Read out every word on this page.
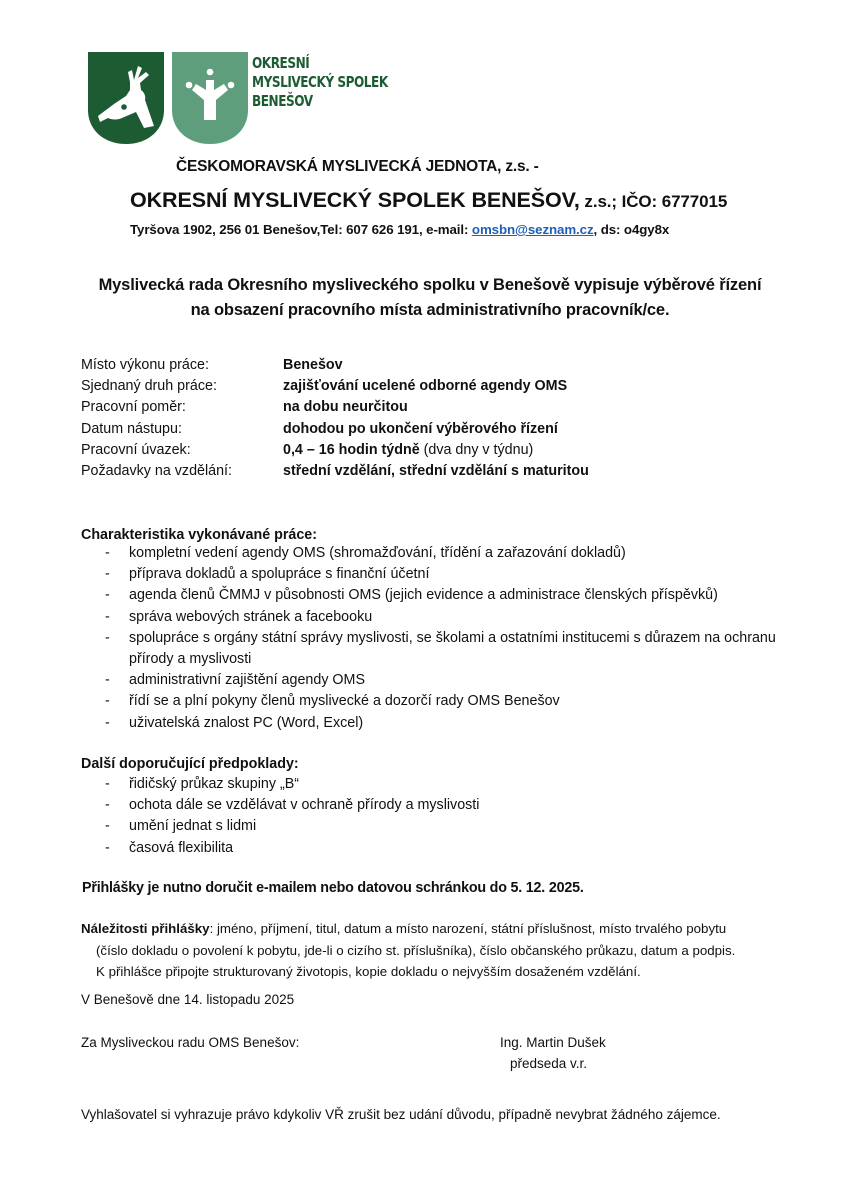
OKRESNÍ
MYSLIVECKÝ SPOLEK
BENEŠOV
ČESKOMORAVSKÁ MYSLIVECKÁ JEDNOTA, z.s. -
OKRESNÍ MYSLIVECKÝ SPOLEK BENEŠOV, z.s.; IČO: 6777015
Tyršova 1902, 256 01 Benešov,Tel: 607 626 191, e-mail: omsbn@seznam.cz, ds: o4gy8x
Myslivecká rada Okresního mysliveckého spolku v Benešově vypisuje výběrové řízení
na obsazení pracovního místa administrativního pracovník/ce.
Místo výkonu práce:	Benešov
Sjednaný druh práce:	zajišťování ucelené odborné agendy OMS
Pracovní poměr:	na dobu neurčitou
Datum nástupu:	dohodou po ukončení výběrového řízení
Pracovní úvazek:	0,4 – 16 hodin týdně (dva dny v týdnu)
Požadavky na vzdělání:	střední vzdělání, střední vzdělání s maturitou
Charakteristika vykonávané práce:
-	kompletní vedení agendy OMS (shromažďování, třídění a zařazování dokladů)
-	příprava dokladů a spolupráce s finanční účetní
-	agenda členů ČMMJ v působnosti OMS (jejich evidence a administrace členských příspěvků)
-	správa webových stránek a facebooku
-	spolupráce s orgány státní správy myslivosti, se školami a ostatními institucemi s důrazem na ochranu přírody a myslivosti
-	administrativní zajištění agendy OMS
-	řídí se a plní pokyny členů myslivecké a dozorčí rady OMS Benešov
-	uživatelská znalost PC (Word, Excel)
Další doporučující předpoklady:
-	řidičský průkaz skupiny „B“
-	ochota dále se vzdělávat v ochraně přírody a myslivosti
-	umění jednat s lidmi
-	časová flexibilita
Přihlášky je nutno doručit e-mailem nebo datovou schránkou do 5. 12. 2025.
Náležitosti přihlášky: jméno, příjmení, titul, datum a místo narození, státní příslušnost, místo trvalého pobytu
(číslo dokladu o povolení k pobytu, jde-li o cizího st. příslušníka), číslo občanského průkazu, datum a podpis.
K přihlášce připojte strukturovaný životopis, kopie dokladu o nejvyšším dosaženém vzdělání.
V Benešově dne 14. listopadu 2025
Za Mysliveckou radu OMS Benešov:	Ing. Martin Dušek
předseda v.r.
Vyhlašovatel si vyhrazuje právo kdykoliv VŘ zrušit bez udání důvodu, případně nevybrat žádného zájemce.
